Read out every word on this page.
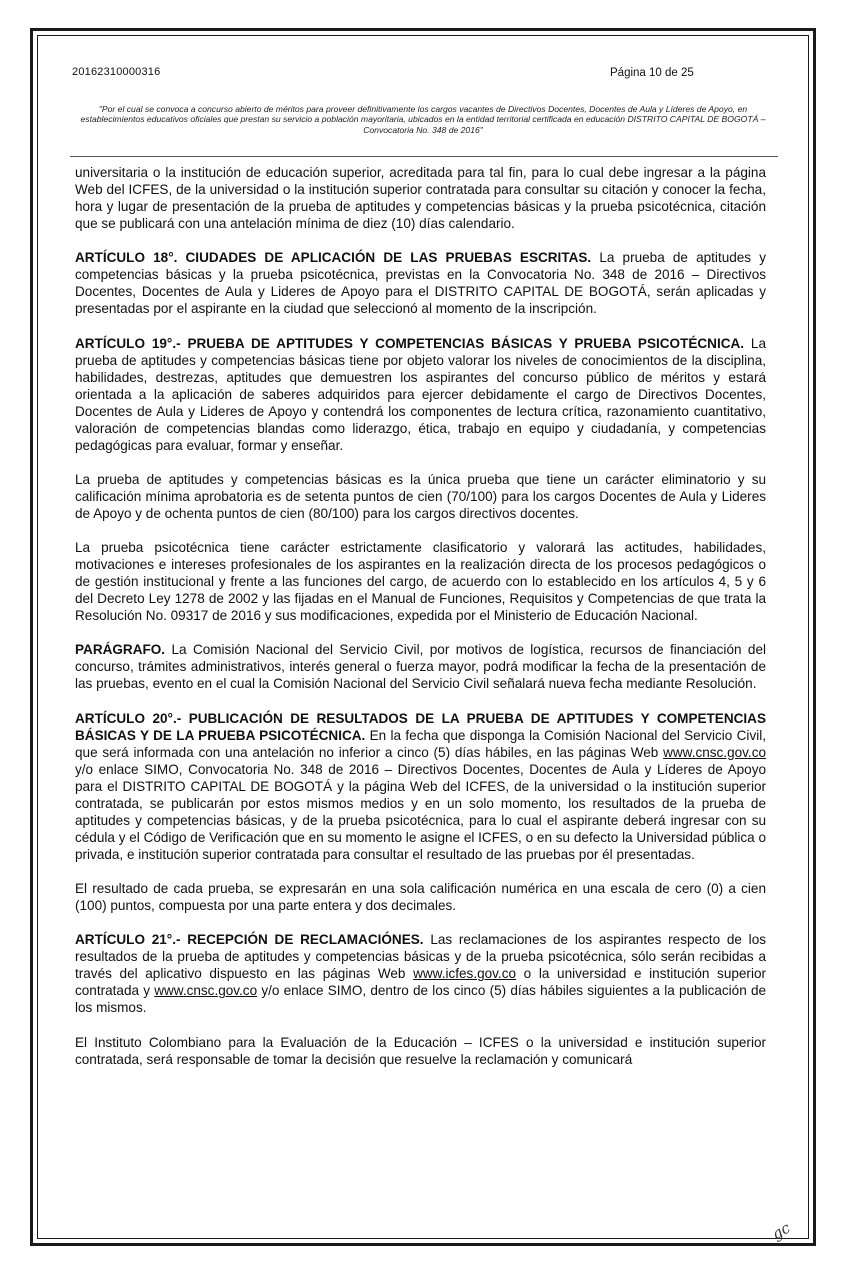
20162310000316	Página 10 de 25
"Por el cual se convoca a concurso abierto de méritos para proveer definitivamente los cargos vacantes de Directivos Docentes, Docentes de Aula y Líderes de Apoyo, en establecimientos educativos oficiales que prestan su servicio a población mayoritaria, ubicados en la entidad territorial certificada en educación DISTRITO CAPITAL DE BOGOTÁ – Convocatoria No. 348 de 2016"

universitaria o la institución de educación superior, acreditada para tal fin, para lo cual debe ingresar a la página Web del ICFES, de la universidad o la institución superior contratada para consultar su citación y conocer la fecha, hora y lugar de presentación de la prueba de aptitudes y competencias básicas y la prueba psicotécnica, citación que se publicará con una antelación mínima de diez (10) días calendario.

ARTÍCULO 18°. CIUDADES DE APLICACIÓN DE LAS PRUEBAS ESCRITAS. La prueba de aptitudes y competencias básicas y la prueba psicotécnica, previstas en la Convocatoria No. 348 de 2016 – Directivos Docentes, Docentes de Aula y Lideres de Apoyo para el DISTRITO CAPITAL DE BOGOTÁ, serán aplicadas y presentadas por el aspirante en la ciudad que seleccionó al momento de la inscripción.

ARTÍCULO 19°.- PRUEBA DE APTITUDES Y COMPETENCIAS BÁSICAS Y PRUEBA PSICOTÉCNICA. La prueba de aptitudes y competencias básicas tiene por objeto valorar los niveles de conocimientos de la disciplina, habilidades, destrezas, aptitudes que demuestren los aspirantes del concurso público de méritos y estará orientada a la aplicación de saberes adquiridos para ejercer debidamente el cargo de Directivos Docentes, Docentes de Aula y Lideres de Apoyo y contendrá los componentes de lectura crítica, razonamiento cuantitativo, valoración de competencias blandas como liderazgo, ética, trabajo en equipo y ciudadanía, y competencias pedagógicas para evaluar, formar y enseñar.

La prueba de aptitudes y competencias básicas es la única prueba que tiene un carácter eliminatorio y su calificación mínima aprobatoria es de setenta puntos de cien (70/100) para los cargos Docentes de Aula y Lideres de Apoyo y de ochenta puntos de cien (80/100) para los cargos directivos docentes.

La prueba psicotécnica tiene carácter estrictamente clasificatorio y valorará las actitudes, habilidades, motivaciones e intereses profesionales de los aspirantes en la realización directa de los procesos pedagógicos o de gestión institucional y frente a las funciones del cargo, de acuerdo con lo establecido en los artículos 4, 5 y 6 del Decreto Ley 1278 de 2002 y las fijadas en el Manual de Funciones, Requisitos y Competencias de que trata la Resolución No. 09317 de 2016 y sus modificaciones, expedida por el Ministerio de Educación Nacional.

PARÁGRAFO. La Comisión Nacional del Servicio Civil, por motivos de logística, recursos de financiación del concurso, trámites administrativos, interés general o fuerza mayor, podrá modificar la fecha de la presentación de las pruebas, evento en el cual la Comisión Nacional del Servicio Civil señalará nueva fecha mediante Resolución.

ARTÍCULO 20°.- PUBLICACIÓN DE RESULTADOS DE LA PRUEBA DE APTITUDES Y COMPETENCIAS BÁSICAS Y DE LA PRUEBA PSICOTÉCNICA. En la fecha que disponga la Comisión Nacional del Servicio Civil, que será informada con una antelación no inferior a cinco (5) días hábiles, en las páginas Web www.cnsc.gov.co y/o enlace SIMO, Convocatoria No. 348 de 2016 – Directivos Docentes, Docentes de Aula y Líderes de Apoyo para el DISTRITO CAPITAL DE BOGOTÁ y la página Web del ICFES, de la universidad o la institución superior contratada, se publicarán por estos mismos medios y en un solo momento, los resultados de la prueba de aptitudes y competencias básicas, y de la prueba psicotécnica, para lo cual el aspirante deberá ingresar con su cédula y el Código de Verificación que en su momento le asigne el ICFES, o en su defecto la Universidad pública o privada, e institución superior contratada para consultar el resultado de las pruebas por él presentadas.

El resultado de cada prueba, se expresarán en una sola calificación numérica en una escala de cero (0) a cien (100) puntos, compuesta por una parte entera y dos decimales.

ARTÍCULO 21°.- RECEPCIÓN DE RECLAMACIÓNES. Las reclamaciones de los aspirantes respecto de los resultados de la prueba de aptitudes y competencias básicas y de la prueba psicotécnica, sólo serán recibidas a través del aplicativo dispuesto en las páginas Web www.icfes.gov.co o la universidad e institución superior contratada y www.cnsc.gov.co y/o enlace SIMO, dentro de los cinco (5) días hábiles siguientes a la publicación de los mismos.

El Instituto Colombiano para la Evaluación de la Educación – ICFES o la universidad e institución superior contratada, será responsable de tomar la decisión que resuelve la reclamación y comunicará

gc
